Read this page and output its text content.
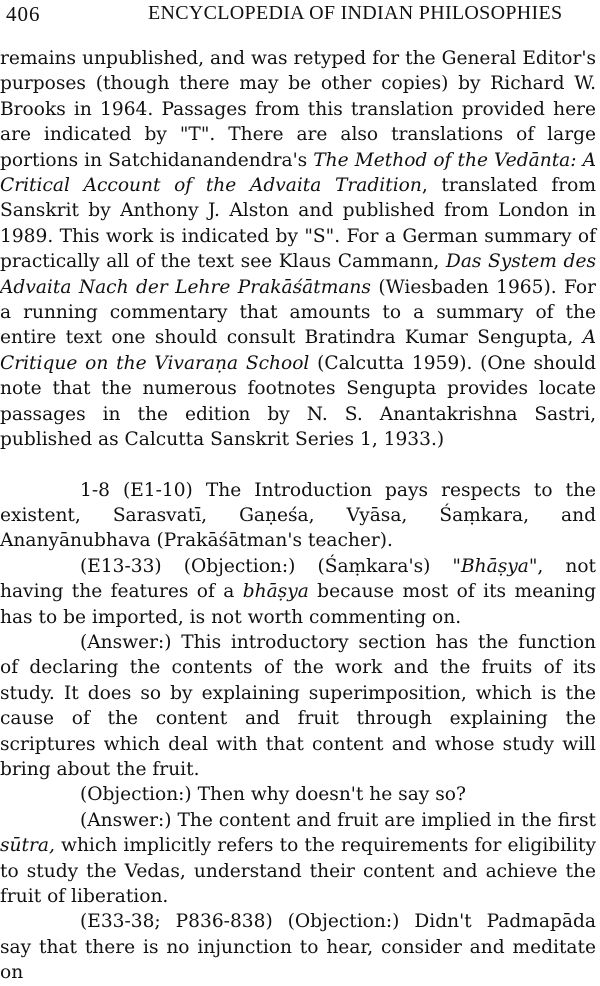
406	ENCYCLOPEDIA OF INDIAN PHILOSOPHIES

remains unpublished, and was retyped for the General Editor's purposes (though there may be other copies) by Richard W. Brooks in 1964. Passages from this translation provided here are indicated by "T". There are also translations of large portions in Satchidanandendra's The Method of the Vedānta: A Critical Account of the Advaita Tradition, translated from Sanskrit by Anthony J. Alston and published from London in 1989. This work is indicated by "S". For a German summary of practically all of the text see Klaus Cammann, Das System des Advaita Nach der Lehre Prakāśātmans (Wiesbaden 1965). For a running commentary that amounts to a summary of the entire text one should consult Bratindra Kumar Sengupta, A Critique on the Vivaraṇa School (Calcutta 1959). (One should note that the numerous footnotes Sengupta provides locate passages in the edition by N. S. Anantakrishna Sastri, published as Calcutta Sanskrit Series 1, 1933.)

1-8 (E1-10) The Introduction pays respects to the existent, Sarasvatī, Gaṇeśa, Vyāsa, Śaṃkara, and Ananyānubhava (Prakāśātman's teacher).

(E13-33) (Objection:) (Śaṃkara's) "Bhāṣya", not having the features of a bhāṣya because most of its meaning has to be imported, is not worth commenting on.

(Answer:) This introductory section has the function of declaring the contents of the work and the fruits of its study. It does so by explaining superimposition, which is the cause of the content and fruit through explaining the scriptures which deal with that content and whose study will bring about the fruit.

(Objection:) Then why doesn't he say so?

(Answer:) The content and fruit are implied in the first sūtra, which implicitly refers to the requirements for eligibility to study the Vedas, understand their content and achieve the fruit of liberation.

(E33-38; P836-838) (Objection:) Didn't Padmapāda say that there is no injunction to hear, consider and meditate on
